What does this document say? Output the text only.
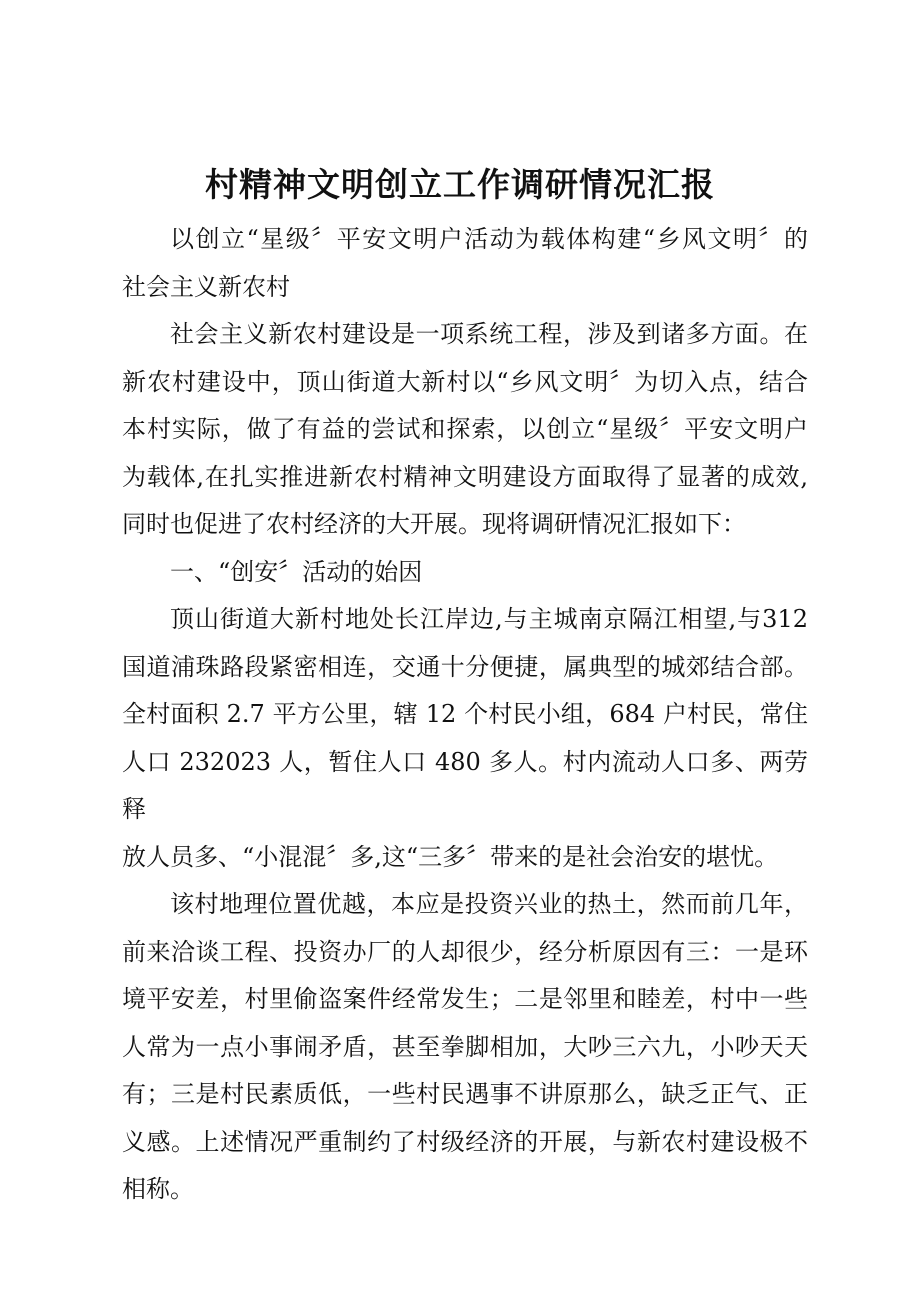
村精神文明创立工作调研情况汇报
以创立“星级〞平安文明户活动为载体构建“乡风文明〞的
社会主义新农村
社会主义新农村建设是一项系统工程，涉及到诸多方面。在
新农村建设中，顶山街道大新村以“乡风文明〞为切入点，结合
本村实际，做了有益的尝试和探索，以创立“星级〞平安文明户
为载体,在扎实推进新农村精神文明建设方面取得了显著的成效,
同时也促进了农村经济的大开展。现将调研情况汇报如下：
一、“创安〞活动的始因
顶山街道大新村地处长江岸边,与主城南京隔江相望,与312
国道浦珠路段紧密相连，交通十分便捷，属典型的城郊结合部。
全村面积 2.7 平方公里，辖 12 个村民小组，684 户村民，常住
人口 232023 人，暂住人口 480 多人。村内流动人口多、两劳释
放人员多、“小混混〞多,这“三多〞带来的是社会治安的堪忧。
该村地理位置优越，本应是投资兴业的热土，然而前几年，
前来洽谈工程、投资办厂的人却很少，经分析原因有三：一是环
境平安差，村里偷盗案件经常发生；二是邻里和睦差，村中一些
人常为一点小事闹矛盾，甚至拳脚相加，大吵三六九，小吵天天
有；三是村民素质低，一些村民遇事不讲原那么，缺乏正气、正
义感。上述情况严重制约了村级经济的开展，与新农村建设极不
相称。
